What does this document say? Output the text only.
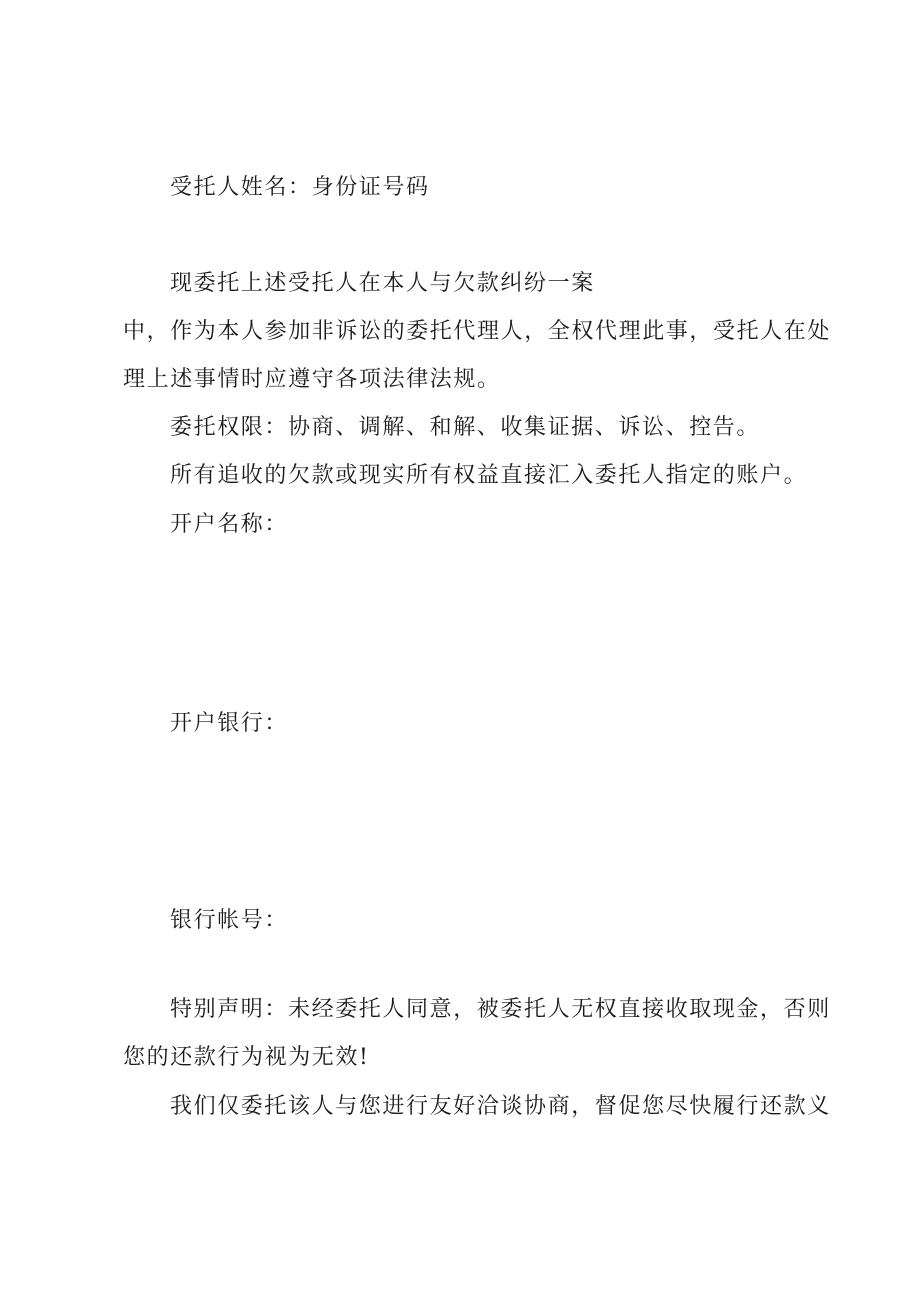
受托人姓名：身份证号码
现委托上述受托人在本人与欠款纠纷一案
中，作为本人参加非诉讼的委托代理人，全权代理此事，受托人在处
理上述事情时应遵守各项法律法规。
委托权限：协商、调解、和解、收集证据、诉讼、控告。
所有追收的欠款或现实所有权益直接汇入委托人指定的账户。
开户名称：
开户银行：
银行帐号：
特别声明：未经委托人同意，被委托人无权直接收取现金，否则
您的还款行为视为无效!
我们仅委托该人与您进行友好洽谈协商，督促您尽快履行还款义
